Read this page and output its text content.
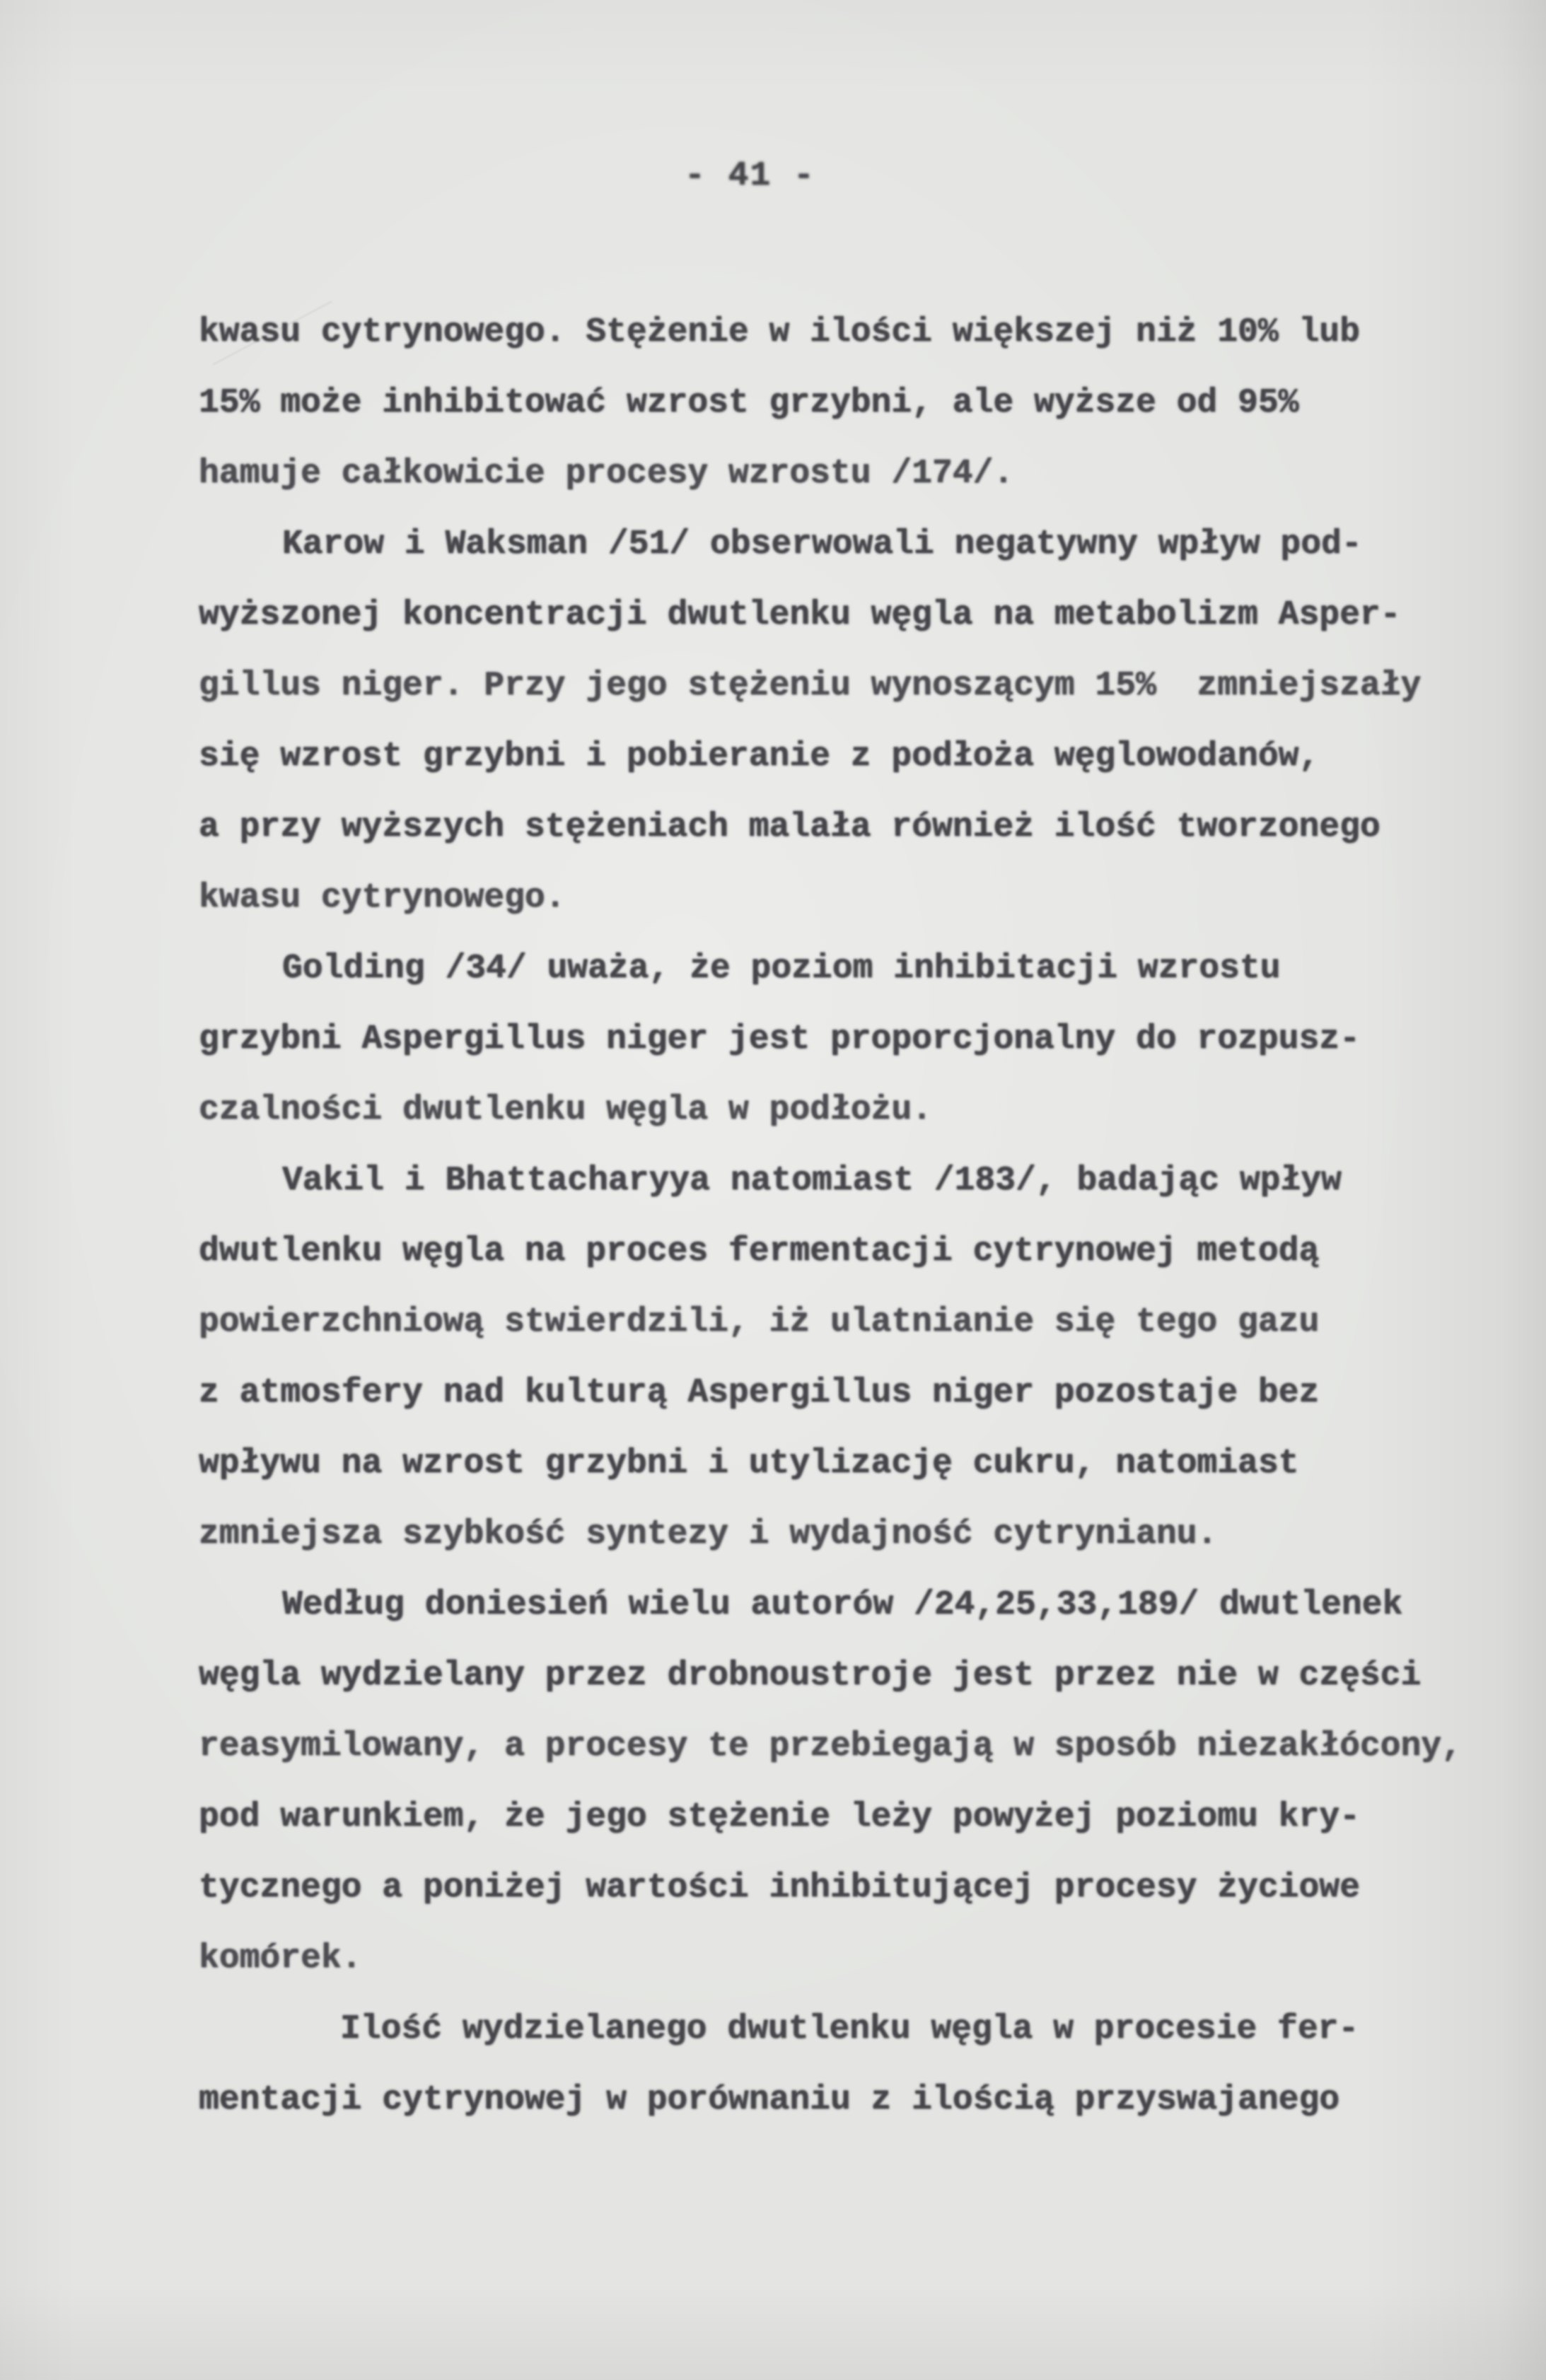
- 41 -
kwasu cytrynowego. Stężenie w ilości większej niż 10% lub
15% może inhibitować wzrost grzybni, ale wyższe od 95%
hamuje całkowicie procesy wzrostu /174/.
Karow i Waksman /51/ obserwowali negatywny wpływ pod-
wyższonej koncentracji dwutlenku węgla na metabolizm Asper-
gillus niger. Przy jego stężeniu wynoszącym 15%  zmniejszały
się wzrost grzybni i pobieranie z podłoża węglowodanów,
a przy wyższych stężeniach malała również ilość tworzonego
kwasu cytrynowego.
Golding /34/ uważa, że poziom inhibitacji wzrostu
grzybni Aspergillus niger jest proporcjonalny do rozpusz-
czalności dwutlenku węgla w podłożu.
Vakil i Bhattacharyya natomiast /183/, badając wpływ
dwutlenku węgla na proces fermentacji cytrynowej metodą
powierzchniową stwierdzili, iż ulatnianie się tego gazu
z atmosfery nad kulturą Aspergillus niger pozostaje bez
wpływu na wzrost grzybni i utylizację cukru, natomiast
zmniejsza szybkość syntezy i wydajność cytrynianu.
Według doniesień wielu autorów /24,25,33,189/ dwutlenek
węgla wydzielany przez drobnoustroje jest przez nie w części
reasymilowany, a procesy te przebiegają w sposób niezakłócony,
pod warunkiem, że jego stężenie leży powyżej poziomu kry-
tycznego a poniżej wartości inhibitującej procesy życiowe
komórek.
Ilość wydzielanego dwutlenku węgla w procesie fer-
mentacji cytrynowej w porównaniu z ilością przyswajanego
